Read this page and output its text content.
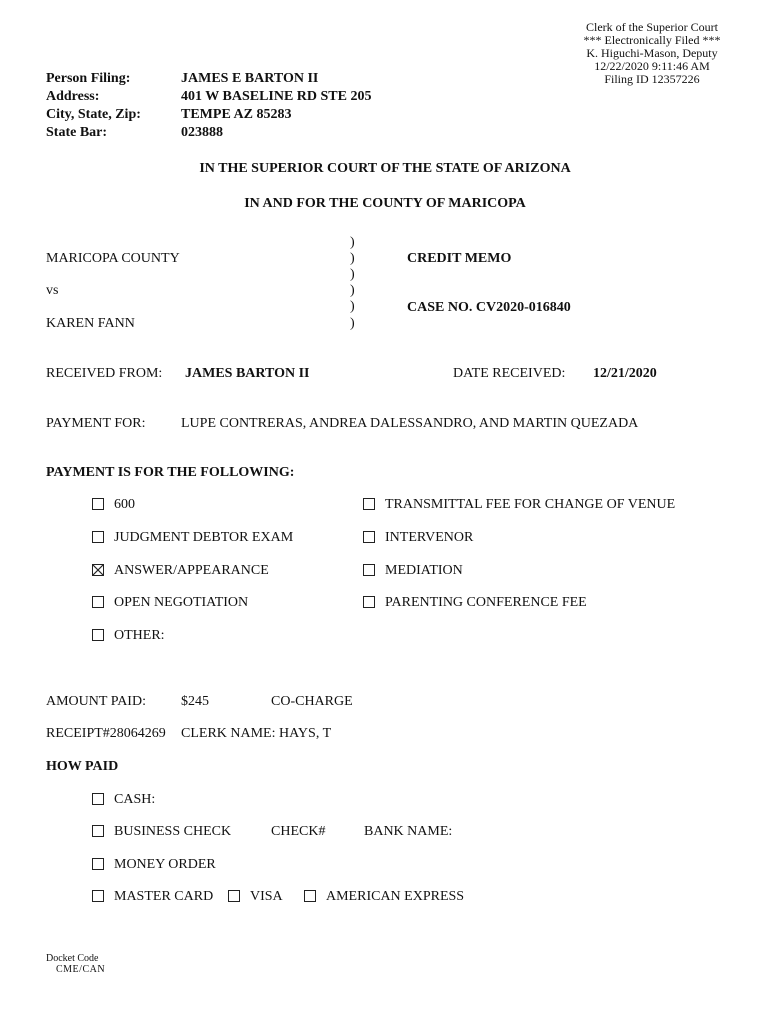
Clerk of the Superior Court
*** Electronically Filed ***
K. Higuchi-Mason, Deputy
12/22/2020 9:11:46 AM
Filing ID 12357226
Person Filing:	JAMES E BARTON II
Address:	401 W BASELINE RD STE 205
City, State, Zip:	TEMPE AZ 85283
State Bar:	023888
IN THE SUPERIOR COURT OF THE STATE OF ARIZONA
IN AND FOR THE COUNTY OF MARICOPA
MARICOPA COUNTY
vs
KAREN FANN
)
)
)
)
)
)
CREDIT MEMO
CASE NO. CV2020-016840
RECEIVED FROM: JAMES BARTON II	DATE RECEIVED: 12/21/2020
PAYMENT FOR:	LUPE CONTRERAS, ANDREA DALESSANDRO, AND MARTIN QUEZADA
PAYMENT IS FOR THE FOLLOWING:
600	TRANSMITTAL FEE FOR CHANGE OF VENUE
JUDGMENT DEBTOR EXAM	INTERVENOR
ANSWER/APPEARANCE	MEDIATION
OPEN NEGOTIATION	PARENTING CONFERENCE FEE
OTHER:
AMOUNT PAID:	$245	CO-CHARGE
RECEIPT#28064269 CLERK NAME: HAYS, T
HOW PAID
CASH:
BUSINESS CHECK	CHECK#	BANK NAME:
MONEY ORDER
MASTER CARD	VISA	AMERICAN EXPRESS
Docket Code
CME/CAN
